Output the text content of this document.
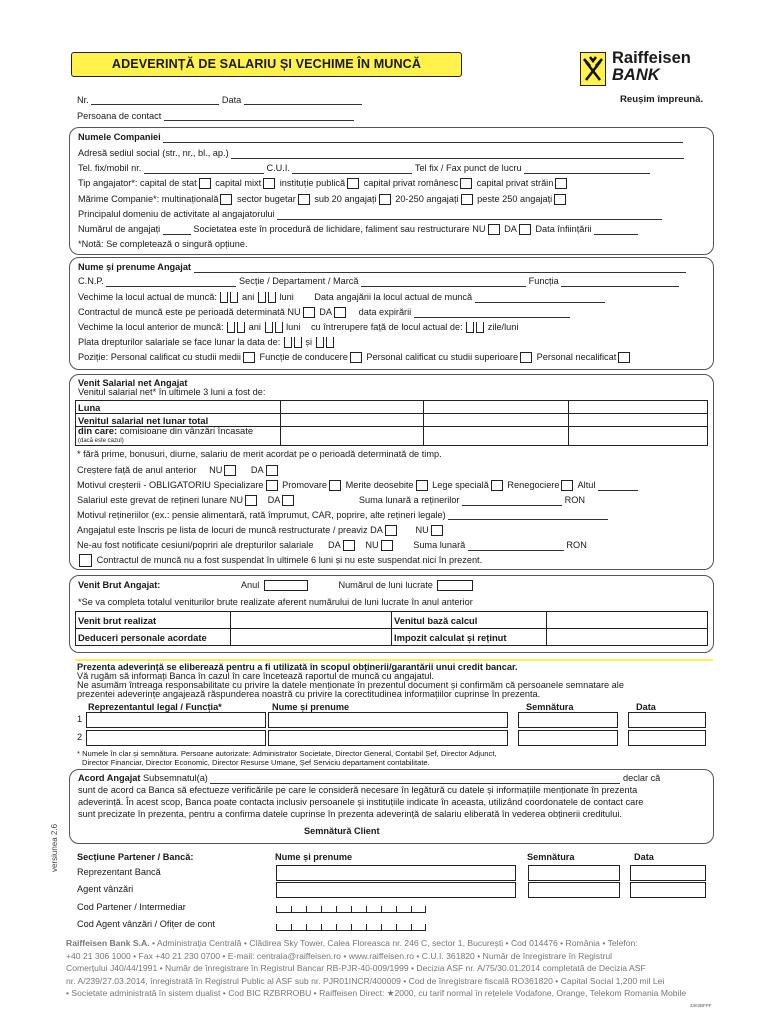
ADEVERINȚĂ DE SALARIU ȘI VECHIME ÎN MUNCĂ	Raiffeisen
BANK
Reușim împreună.
Nr.	Data
Persoana de contact
Numele Companiei
Adresă sediul social (str., nr., bl., ap.)
Tel. fix/mobil nr.	C.U.I.	Tel fix / Fax punct de lucru
Tip angajator*: capital de stat capital mixt instituție publică capital privat românesc capital privat străin
Mărime Companie*: multinațională sector bugetar sub 20 angajați 20-250 angajați peste 250 angajați
Principalul domeniu de activitate al angajatorului
Numărul de angajați	Societatea este în procedură de lichidare, faliment sau restructurare NU DA Data înființării
*Notă: Se completează o singură opțiune.
Nume și prenume Angajat
C.N.P.	Secție / Departament / Marcă	Funcția
Vechime la locul actual de muncă:	ani	luni Data angajării la locul actual de muncă
Contractul de muncă este pe perioadă determinată NU DA	data expirării
Vechime la locul anterior de muncă:	ani	luni cu întrerupere față de locul actual de:	zile/luni
Plata drepturilor salariale se face lunar la data de:	și
Poziție: Personal calificat cu studii medii Funcție de conducere Personal calificat cu studii superioare Personal necalificat
Venit Salarial net Angajat
Venitul salarial net* în ultimele 3 luni a fost de:
Luna			
Venitul salarial net lunar total			
din care: comisioane din vânzări încasate
(dacă este cazul)			
* fără prime, bonusuri, diurne, salariu de merit acordat pe o perioadă determinată de timp.
Creștere față de anul anterior NU	DA
Motivul creșterii - OBLIGATORIU Specializare Promovare Merite deosebite Lege specială Renegociere Altul
Salariul este grevat de rețineri lunare NU	DA	Suma lunară a reținerilor	RON
Motivul rețineriilor (ex.: pensie alimentară, rată împrumut, CAR, poprire, alte rețineri legale)
Angajatul este înscris pe lista de locuri de muncă restructurate / preaviz DA	NU
Ne-au fost notificate cesiuni/popriri ale drepturilor salariale DA	NU	Suma lunară	RON
Contractul de muncă nu a fost suspendat în ultimele 6 luni și nu este suspendat nici în prezent.
Venit Brut Angajat:	Anul	Numărul de luni lucrate
*Se va completa totalul veniturilor brute realizate aferent numărului de luni lucrate în anul anterior
Venit brut realizat		Venitul bază calcul	
Deduceri personale acordate		Impozit calculat și reținut	
Prezenta adeverință se eliberează pentru a fi utilizată în scopul obținerii/garantării unui credit bancar.
Vă rugăm să informați Banca în cazul în care încetează raportul de muncă cu angajatul.
Ne asumăm întreaga responsabilitate cu privire la datele menționate în prezentul document și confirmăm că persoanele semnatare ale
prezentei adeverințe angajează răspunderea noastră cu privire la corectitudinea informațiilor cuprinse în prezenta.
Reprezentantul legal / Funcția*	Nume și prenume	Semnătura	Data
1
2
* Numele în clar și semnătura. Persoane autorizate: Administrator Societate, Director General, Contabil Șef, Director Adjunct,
Director Financiar, Director Economic, Director Resurse Umane, Șef Serviciu departament contabilitate.
Acord Angajat Subsemnatul(a)	declar că
sunt de acord ca Banca să efectueze verificările pe care le consideră necesare în legătură cu datele și informațiile menționate în prezenta
adeverință. În acest scop, Banca poate contacta inclusiv persoanele și instituțiile indicate în aceasta, utilizând coordonatele de contact care
sunt precizate în prezenta, pentru a confirma datele cuprinse în prezenta adeverință de salariu eliberată în vederea obținerii creditului.
Semnătură Client
Secțiune Partener / Bancă:	Nume și prenume	Semnătura	Data
Reprezentant Bancă
Agent vânzări
Cod Partener / Intermediar
Cod Agent vânzări / Ofițer de cont
versiunea 2.6
Raiffeisen Bank S.A. • Administrația Centrală • Clădirea Sky Tower, Calea Floreasca nr. 246 C, sector 1, București • Cod 014476 • România • Telefon:
+40 21 306 1000 • Fax +40 21 230 0700 • E-mail: centrala@raiffeisen.ro • www.raiffeisen.ro • C.U.I. 361820 • Număr de înregistrare în Registrul
Comerțului J40/44/1991 • Număr de înregistrare în Registrul Bancar RB-PJR-40-009/1999 • Decizia ASF nr. A/75/30.01.2014 completată de Decizia ASF
nr. A/239/27.03.2014, înregistrată în Registrul Public al ASF sub nr. PJR01INCR/400009 • Cod de înregistrare fiscală RO361820 • Capital Social 1,200 mil Lei
• Societate administrată în sistem dualist • Cod BIC RZBRROBU • Raiffeisen Direct: ★2000, cu tarif normal în rețelele Vodafone, Orange, Telekom Romania Mobile
2302BFPF
